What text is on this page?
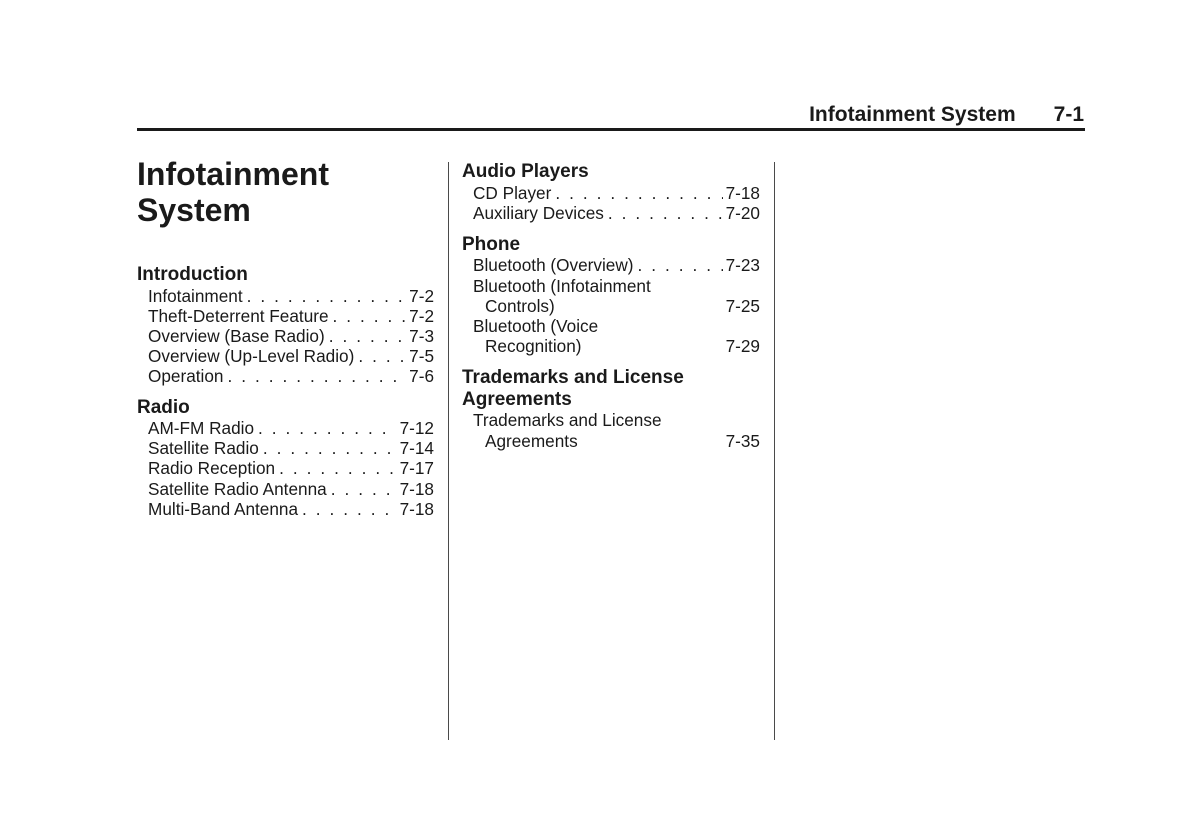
Infotainment System 7-1
Infotainment
System
Introduction
Infotainment . . .	7-2
Theft-Deterrent Feature . . .	7-2
Overview (Base Radio) . . .	7-3
Overview (Up-Level Radio) . . .	7-5
Operation . . .	7-6
Radio
AM-FM Radio . . .	7-12
Satellite Radio . . .	7-14
Radio Reception . . .	7-17
Satellite Radio Antenna . . .	7-18
Multi-Band Antenna . . .	7-18
Audio Players
CD Player . . .	7-18
Auxiliary Devices . . .	7-20
Phone
Bluetooth (Overview) . . .	7-23
Bluetooth (Infotainment
Controls)	7-25
Bluetooth (Voice
Recognition)	7-29
Trademarks and License
Agreements
Trademarks and License
Agreements	7-35
